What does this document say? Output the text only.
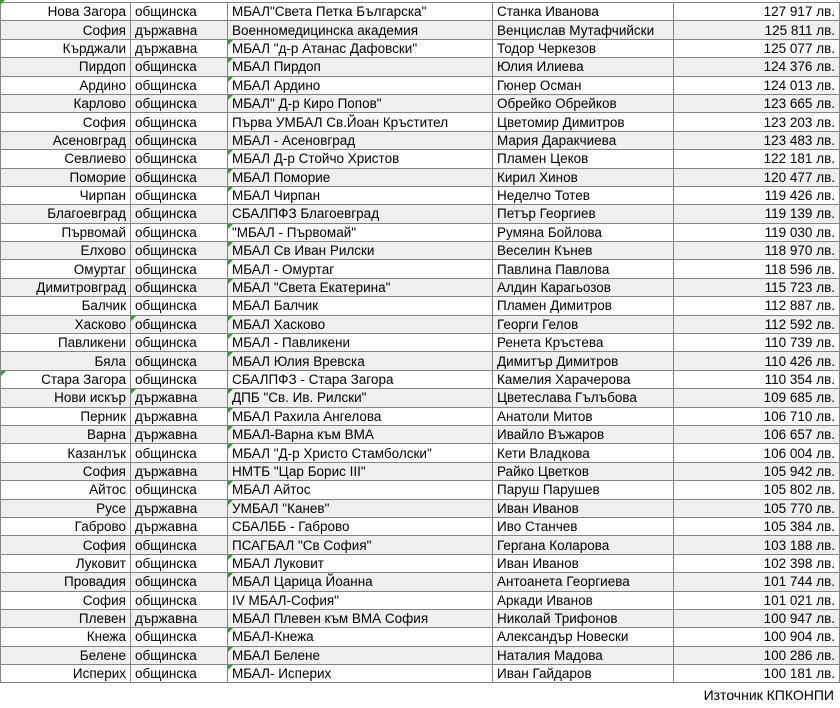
Нова Загора	общинска	МБАЛ"Света Петка Българска"	Станка Иванова	127 917 лв.
София	държавна	Военномедицинска академия	Венцислав Мутафчийски	125 811 лв.
Кърджали	държавна	МБАЛ "д-р Атанас Дафовски"	Тодор Черкезов	125 077 лв.
Пирдоп	общинска	МБАЛ Пирдоп	Юлия Илиева	124 376 лв.
Ардино	общинска	МБАЛ Ардино	Гюнер Осман	124 013 лв.
Карлово	общинска	МБАЛ" Д-р Киро Попов"	Обрейко Обрейков	123 665 лв.
София	общинска	Първа УМБАЛ Св.Йоан Кръстител	Цветомир Димитров	123 203 лв.
Асеновград	общинска	МБАЛ - Асеновград	Мария Даракчиева	123 483 лв.
Севлиево	общинска	МБАЛ Д-р Стойчо Христов	Пламен Цеков	122 181 лв.
Поморие	общинска	МБАЛ Поморие	Кирил Хинов	120 477 лв.
Чирпан	общинска	МБАЛ Чирпан	Неделчо Тотев	119 426 лв.
Благоевград	общинска	СБАЛПФЗ Благоевград	Петър Георгиев	119 139 лв.
Първомай	общинска	"МБАЛ - Първомай"	Румяна Бойлова	119 030 лв.
Елхово	общинска	МБАЛ Св Иван Рилски	Веселин Кънев	118 970 лв.
Омуртаг	общинска	МБАЛ - Омуртаг	Павлина Павлова	118 596 лв.
Димитровград	общинска	МБАЛ "Света Екатерина"	Алдин Карагьозов	115 723 лв.
Балчик	общинска	МБАЛ Балчик	Пламен Димитров	112 887 лв.
Хасково	общинска	МБАЛ Хасково	Георги Гелов	112 592 лв.
Павликени	общинска	МБАЛ - Павликени	Ренета Кръстева	110 739 лв.
Бяла	общинска	МБАЛ Юлия Вревска	Димитър Димитров	110 426 лв.
Стара Загора	общинска	СБАЛПФЗ - Стара Загора	Камелия Харачерова	110 354 лв.
Нови искър	държавна	ДПБ "Св. Ив. Рилски"	Цветеслава Гълъбова	109 685 лв.
Перник	държавна	МБАЛ Рахила Ангелова	Анатоли Митов	106 710 лв.
Варна	държавна	МБАЛ-Варна към ВМА	Ивайло Въжаров	106 657 лв.
Казанлък	общинска	МБАЛ "Д-р Христо Стамболски"	Кети Владкова	106 004 лв.
София	държавна	НМТБ "Цар Борис III"	Райко Цветков	105 942 лв.
Айтос	общинска	МБАЛ Айтос	Паруш Парушев	105 802 лв.
Русе	държавна	УМБАЛ "Канев"	Иван Иванов	105 770 лв.
Габрово	държавна	СБАЛББ - Габрово	Иво Станчев	105 384 лв.
София	общинска	ПСАГБАЛ "Св София"	Гергана Коларова	103 188 лв.
Луковит	общинска	МБАЛ Луковит	Иван Иванов	102 398 лв.
Провадия	общинска	МБАЛ Царица Йоанна	Антоанета Георгиева	101 744 лв.
София	общинска	IV МБАЛ-София"	Аркади Иванов	101 021 лв.
Плевен	държавна	МБАЛ Плевен към ВМА София	Николай Трифонов	100 947 лв.
Кнежа	общинска	МБАЛ-Кнежа	Александър Новески	100 904 лв.
Белене	общинска	МБАЛ Белене	Наталия Мадова	100 286 лв.
Исперих	общинска	МБАЛ- Исперих	Иван Гайдаров	100 181 лв.
Източник КПКОНПИ
